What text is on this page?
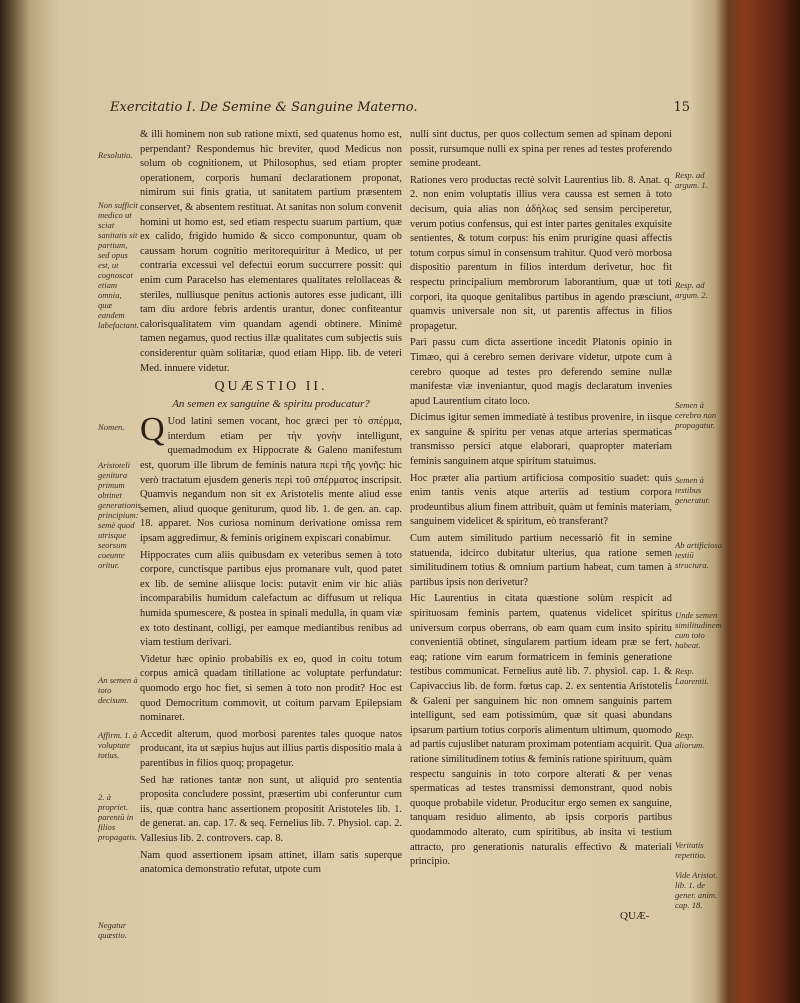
Exercitatio I. De Semine & Sanguine Materno.	15
Resolutio.
Non sufficit medico ut sciat sanitatis sit partium, sed opus est, ut cognoscat etiam omnia, quæ eandem labefactant.
Nomen.
Aristoteli genitura primum obtinet generationis principium: semè quod utrisque seorsum coeunte oritur.
An semen à toto decisum.
Affirm. 1. à voluptate totius.
2. à propriet. parentū in filios propagatis.
Negatur quæstio.

& illi hominem non sub ratione mixti, sed quatenus homo est, perpendant? Respondemus hic breviter, quod Medicus non solum ob cognitionem, ut Philosophus, sed etiam propter operationem, corporis humani declarationem proponat, nimirum sui finis gratia, ut sanitatem partium præsentem conservet, & absentem restituat. At sanitas non solum convenit homini ut homo est, sed etiam respectu suarum partium, quæ ex calido, frigido humido & sicco componuntur, quam ob caussam horum cognitio meritorequiritur à Medico, ut per contraria excessui vel defectui eorum succurrere possit: qui enim cum Paracelso has elementares qualitates relollaceas & steriles, nulliusque penitus actionis autores esse judicant, illi tam diu ardore febris ardentis urantur, donec confiteantur calorisqualitatem vim quandam agendi obtinere. Minimè tamen negamus, quod rectius illæ qualitates cum subjectis suis considerentur quàm solitariæ, quod etiam Hipp. lib. de veteri Med. innuere videtur.

QUÆSTIO II.
An semen ex sanguine & spiritu producatur?

Q Uod latini semen vocant, hoc græci per τὸ σπέρμα, interdum etiam per τὴν γονὴν intelligunt, quemadmodum ex Hippocrate & Galeno manifestum est, quorum ille librum de feminis natura περὶ τῆς γονῆς: hic verò tractatum ejusdem generis περὶ τοῦ σπέρματος inscripsit. Quamvis negandum non sit ex Aristotelis mente aliud esse semen, aliud quoque geniturum, quod lib. 1. de gen. an. cap. 18. apparet. Nos curiosa nominum derivatione omissa rem ipsam aggredimur, & feminis originem expiscari conabimur.

Hippocrates cum aliis quibusdam ex veteribus semen à toto corpore, cunctisque partibus ejus promanare vult, quod patet ex lib. de semine aliisque locis: putavit enim vir hic aliàs incomparabilis humidum calefactum ac diffusum ut reliqua humida spumescere, & postea in spinali medulla, in quam viæ ex toto destinant, colligi, per eamque mediantibus renibus ad viam testium derivari.

Videtur hæc opinio probabilis ex eo, quod in coitu totum corpus amicâ quadam titillatione ac voluptate perfundatur: quomodo ergo hoc fiet, si semen à toto non prodit? Hoc est quod Democritum commovit, ut coitum parvam Epilepsiam nominaret.

Accedit alterum, quod morbosi parentes tales quoque natos producant, ita ut sæpius hujus aut illius partis dispositio mala à parentibus in filios quoq; propagetur.

Sed hæ rationes tantæ non sunt, ut aliquid pro sententia proposita concludere possint, præsertim ubi conferuntur cum iis, quæ contra hanc assertionem propositit Aristoteles lib. 1. de generat. an. cap. 17. & seq. Fernelius lib. 7. Physiol. cap. 2. Vallesius lib. 2. controvers. cap. 8.

Nam quod assertionem ipsam attinet, illam satis superque anatomica demonstratio refutat, utpote cum

nulli sint ductus, per quos collectum semen ad spinam deponi possit, rursumque nulli ex spina per renes ad testes proferendo semine prodeant.

Rationes vero productas rectè solvit Laurentius lib. 8. Anat. q. 2. non enim voluptatis illius vera caussa est semen à toto decisum, quia alias non ἀδήλως sed sensim perciperetur, verum potius confensus, qui est inter partes genitales exquisite sentientes, & totum corpus: his enim prurigine quasi affectis totum corpus simul in consensum trahitur. Quod verò morbosa dispositio parentum in filios interdum derivetur, hoc fit respectu principalium membrorum laborantium, quæ ut toti corpori, ita quoque genitalibus partibus in agendo præsciunt, quamvis universale non sit, ut parentis affectus in filios propagetur.

Pari passu cum dicta assertione incedit Platonis opinio in Timæo, qui à cerebro semen derivare videtur, utpote cum à cerebro quoque ad testes pro deferendo semine nullæ manifestæ viæ inveniantur, quod magis declaratum invenies apud Laurentium citato loco.

Dicimus igitur semen immediatè à testibus provenire, in iisque ex sanguine & spiritu per venas atque arterias spermaticas transmisso persici atque elaborari, quapropter materiam feminis sanguinem atque spiritum statuimus.

Hoc præter alia partium artificiosa compositio suadet: quis enim tantis venis atque arteriis ad testium corpora prodeuntibus alium finem attribuit, quàm ut feminis materiam, sanguinem videlicet & spiritum, eò transferant?

Cum autem similitudo partium necessariò fit in semine statuenda, idcirco dubitatur ulterius, qua ratione semen similitudinem totius & omnium partium habeat, cum tamen à partibus ipsis non derivetur?

Hic Laurentius in citata quæstione solùm respicit ad spirituosam feminis partem, quatenus videlicet spiritus universum corpus oberrans, ob eam quam cum insito spiritu convenientiâ obtinet, singularem partium ideam præ se fert, eaq; ratione vim earum formatricem in feminis generatione testibus communicat. Fernelius autè lib. 7. physiol. cap. 1. & Capivaccius lib. de form. fœtus cap. 2. ex sententia Aristotelis & Galeni per sanguinem hic non omnem sanguinis partem intelligunt, sed eam potissimùm, quæ sit quasi abundans ipsarum partium totius corporis alimentum ultimum, quomodo ad partis cujuslibet naturam proximam potentiam acquirit. Qua ratione similitudinem totius & feminis ratione spirituum, quàm respectu sanguinis in toto corpore alterati & per venas spermaticas ad testes transmissi demonstrant, quod nobis quoque probabile videtur. Producitur ergo semen ex sanguine, tanquam residuo alimento, ab ipsis corporis partibus quodammodo alterato, cum spiritibus, ab insita vi testium attracto, pro generationis naturalis effectivo & materiali principio.

Resp. ad argum. 1.
Resp. ad argum. 2.
Semen à cerebro non propagatur.
Semen à testibus generatur.
Ab artificiosa testiū structura.
Unde semen similitudinem cum toto habeat.
Resp. Laurentii.
Resp. aliorum.
Veritatis repetitio.
Vide Aristot. lib. 1. de gener. anim. cap. 18.
QUÆ-
